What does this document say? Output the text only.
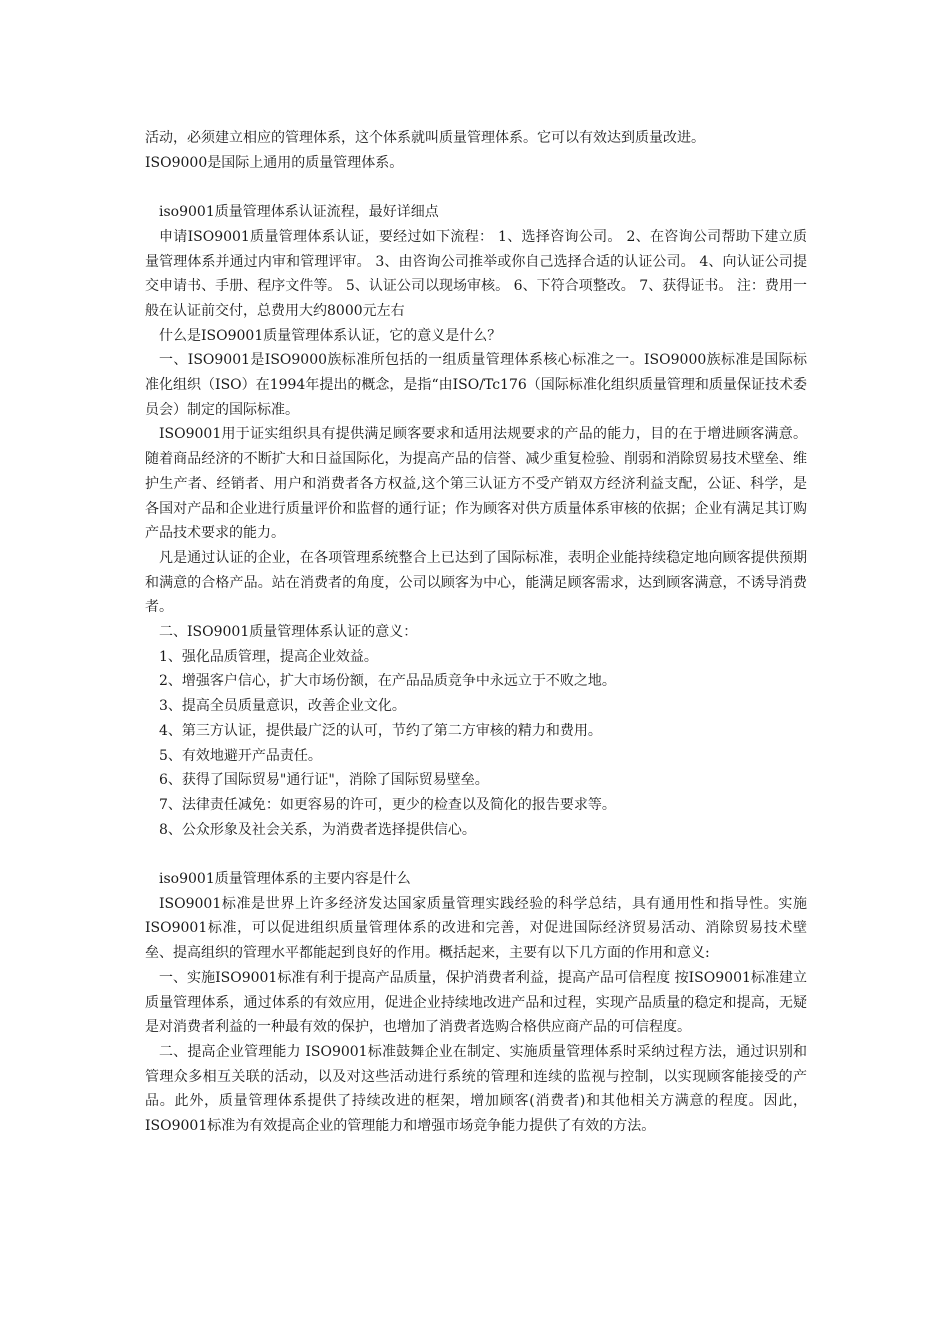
活动，必须建立相应的管理体系，这个体系就叫质量管理体系。它可以有效达到质量改进。

ISO9000是国际上通用的质量管理体系。

iso9001质量管理体系认证流程，最好详细点

申请ISO9001质量管理体系认证，要经过如下流程： 1、选择咨询公司。 2、在咨询公司帮助下建立质量管理体系并通过内审和管理评审。 3、由咨询公司推举或你自己选择合适的认证公司。 4、向认证公司提交申请书、手册、程序文件等。 5、认证公司以现场审核。 6、下符合项整改。 7、获得证书。 注：费用一般在认证前交付，总费用大约8000元左右

什么是ISO9001质量管理体系认证，它的意义是什么？

一、ISO9001是ISO9000族标准所包括的一组质量管理体系核心标准之一。ISO9000族标准是国际标准化组织（ISO）在1994年提出的概念，是指“由ISO/Tc176（国际标准化组织质量管理和质量保证技术委员会）制定的国际标准。

ISO9001用于证实组织具有提供满足顾客要求和适用法规要求的产品的能力，目的在于增进顾客满意。随着商品经济的不断扩大和日益国际化，为提高产品的信誉、减少重复检验、削弱和消除贸易技术壁垒、维护生产者、经销者、用户和消费者各方权益,这个第三认证方不受产销双方经济利益支配，公证、科学，是各国对产品和企业进行质量评价和监督的通行证；作为顾客对供方质量体系审核的依据；企业有满足其订购产品技术要求的能力。

凡是通过认证的企业，在各项管理系统整合上已达到了国际标准，表明企业能持续稳定地向顾客提供预期和满意的合格产品。站在消费者的角度，公司以顾客为中心，能满足顾客需求，达到顾客满意，不诱导消费者。

二、ISO9001质量管理体系认证的意义：

1、强化品质管理，提高企业效益。

2、增强客户信心，扩大市场份额，在产品品质竞争中永远立于不败之地。

3、提高全员质量意识，改善企业文化。

4、第三方认证，提供最广泛的认可，节约了第二方审核的精力和费用。

5、有效地避开产品责任。

6、获得了国际贸易"通行证"，消除了国际贸易壁垒。

7、法律责任减免：如更容易的许可，更少的检查以及简化的报告要求等。

8、公众形象及社会关系，为消费者选择提供信心。

iso9001质量管理体系的主要内容是什么

ISO9001标准是世界上许多经济发达国家质量管理实践经验的科学总结，具有通用性和指导性。实施ISO9001标准，可以促进组织质量管理体系的改进和完善，对促进国际经济贸易活动、消除贸易技术壁垒、提高组织的管理水平都能起到良好的作用。概括起来，主要有以下几方面的作用和意义:

一、实施ISO9001标准有利于提高产品质量，保护消费者利益，提高产品可信程度 按ISO9001标准建立质量管理体系，通过体系的有效应用，促进企业持续地改进产品和过程，实现产品质量的稳定和提高，无疑是对消费者利益的一种最有效的保护，也增加了消费者选购合格供应商产品的可信程度。

二、提高企业管理能力 ISO9001标准鼓舞企业在制定、实施质量管理体系时采纳过程方法，通过识别和管理众多相互关联的活动，以及对这些活动进行系统的管理和连续的监视与控制，以实现顾客能接受的产品。此外，质量管理体系提供了持续改进的框架，增加顾客(消费者)和其他相关方满意的程度。因此，ISO9001标准为有效提高企业的管理能力和增强市场竞争能力提供了有效的方法。
